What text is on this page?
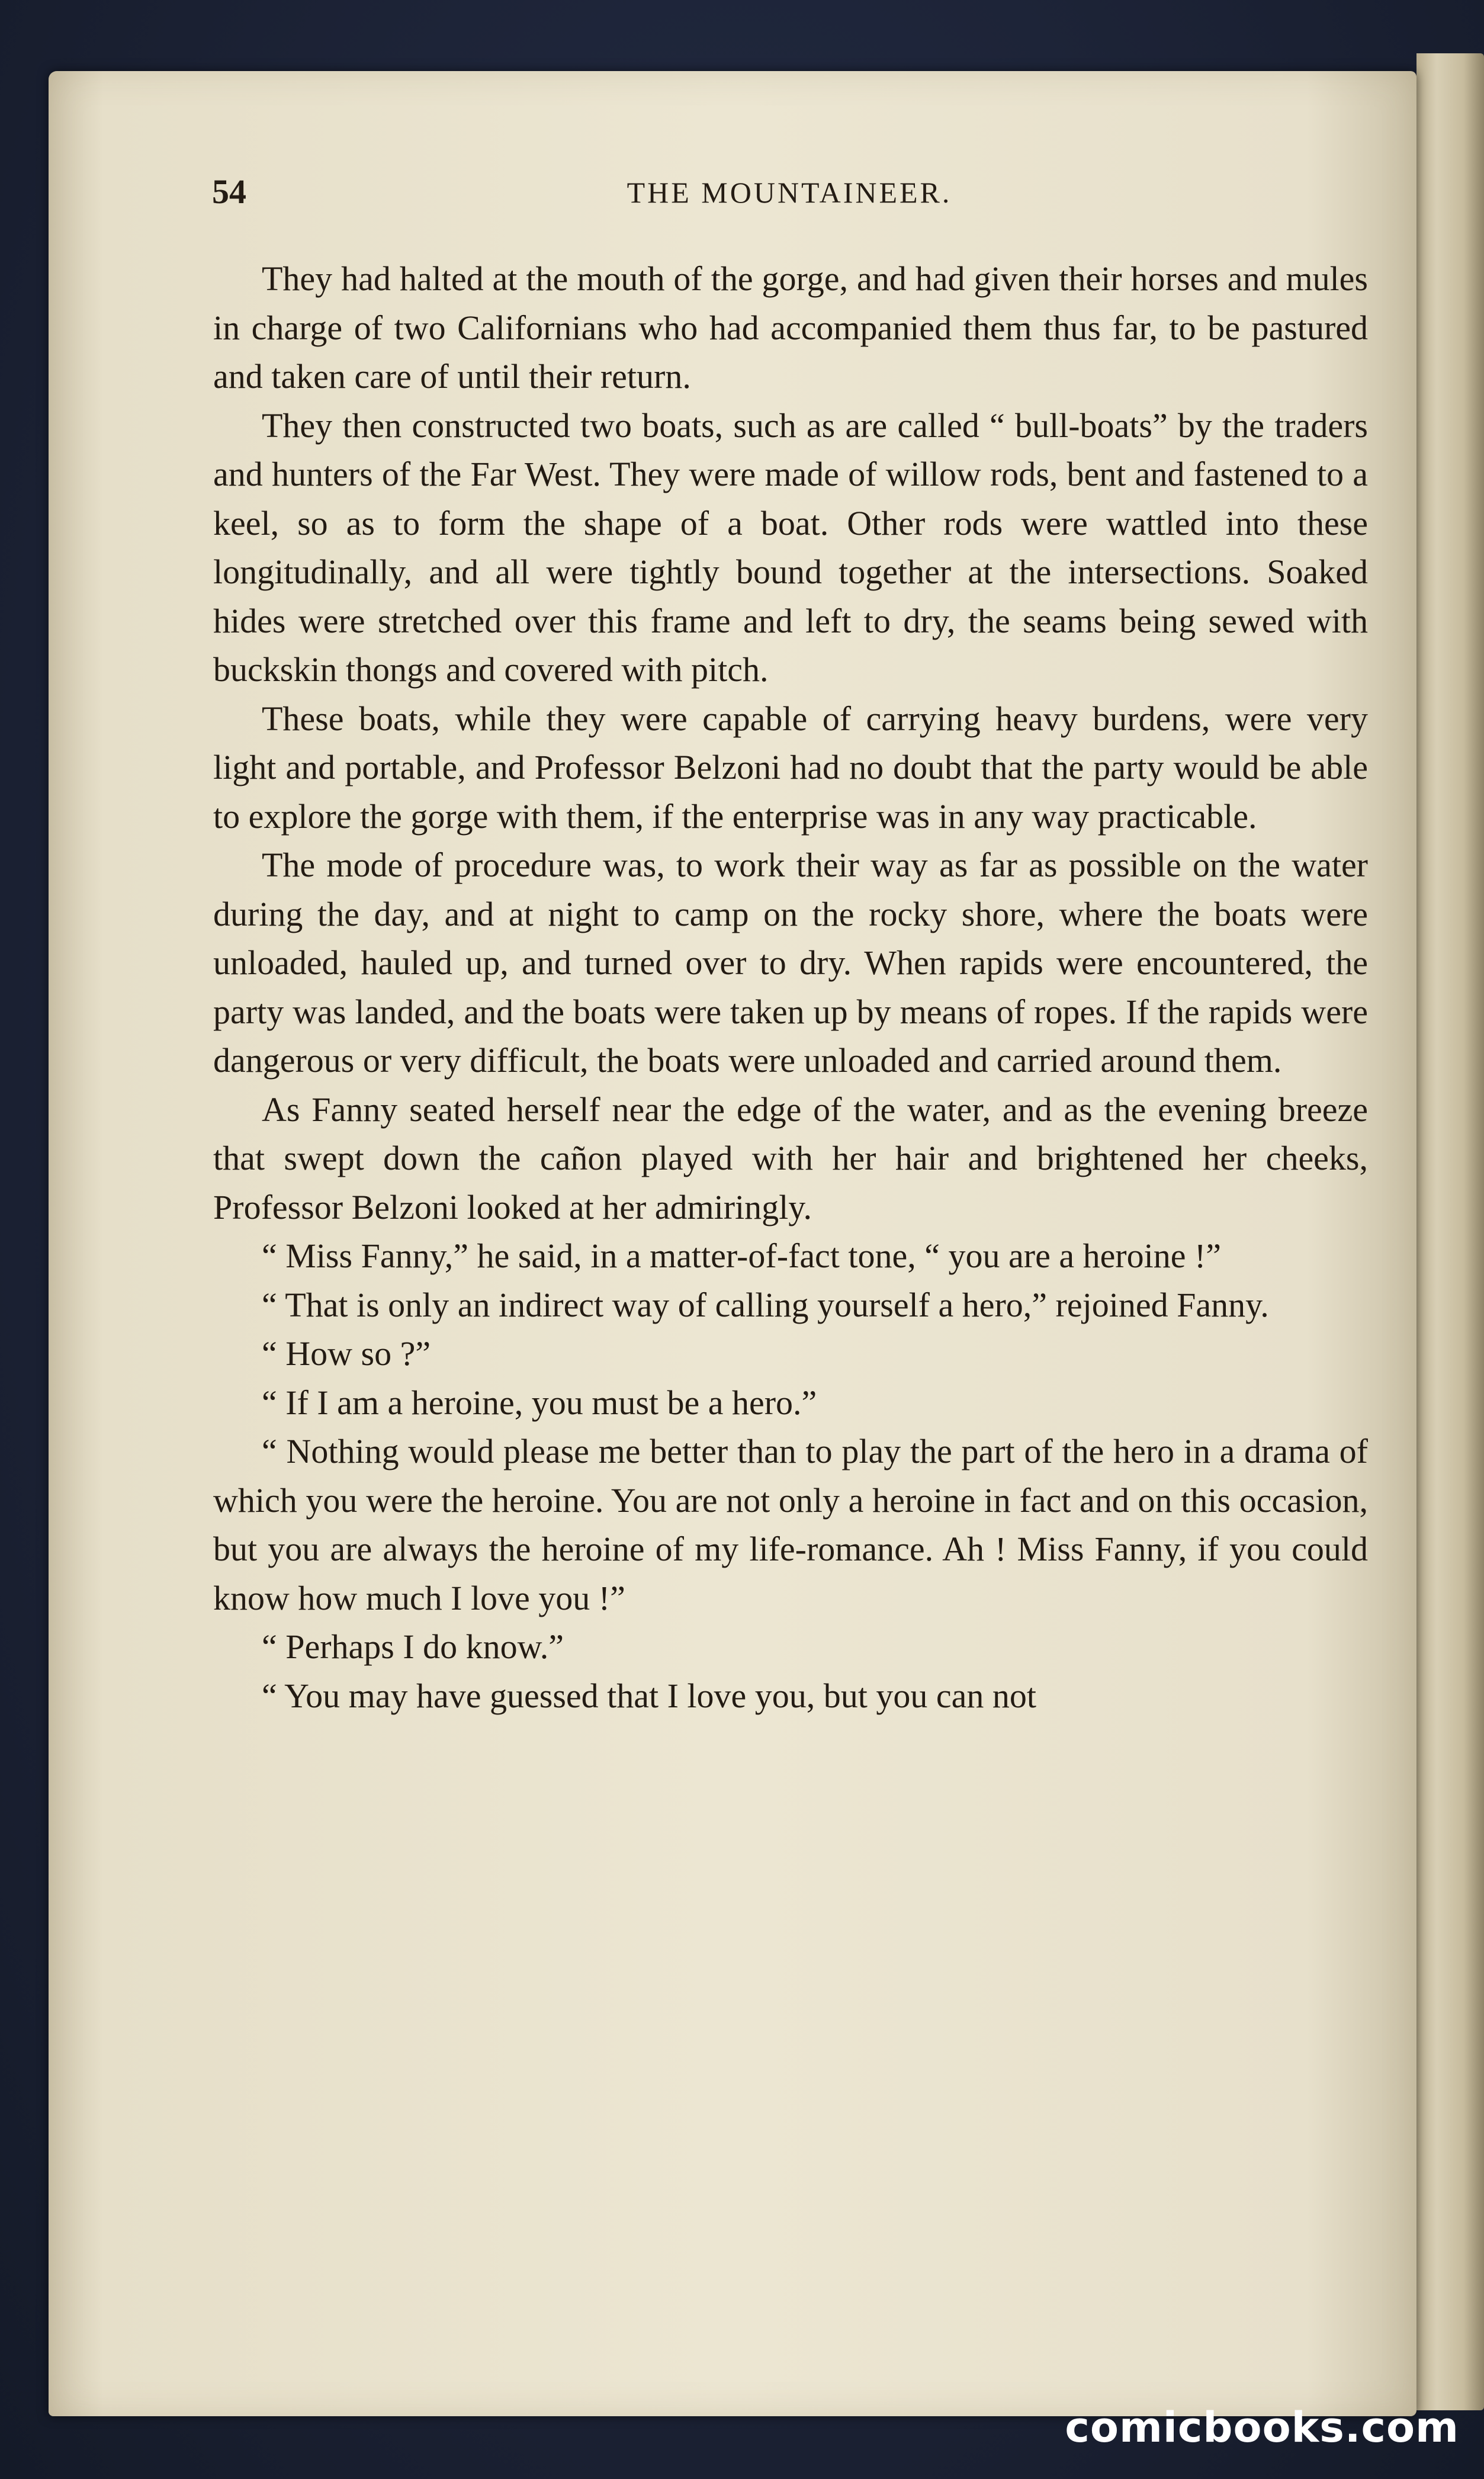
54	THE MOUNTAINEER.

They had halted at the mouth of the gorge, and had given their horses and mules in charge of two Californians who had accompanied them thus far, to be pastured and taken care of until their return.

They then constructed two boats, such as are called “ bull-boats” by the traders and hunters of the Far West. They were made of willow rods, bent and fastened to a keel, so as to form the shape of a boat. Other rods were wattled into these longitudinally, and all were tightly bound together at the intersections. Soaked hides were stretched over this frame and left to dry, the seams being sewed with buckskin thongs and covered with pitch.

These boats, while they were capable of carrying heavy burdens, were very light and portable, and Professor Belzoni had no doubt that the party would be able to explore the gorge with them, if the enterprise was in any way practicable.

The mode of procedure was, to work their way as far as possible on the water during the day, and at night to camp on the rocky shore, where the boats were unloaded, hauled up, and turned over to dry. When rapids were encountered, the party was landed, and the boats were taken up by means of ropes. If the rapids were dangerous or very difficult, the boats were unloaded and carried around them.

As Fanny seated herself near the edge of the water, and as the evening breeze that swept down the cañon played with her hair and brightened her cheeks, Professor Belzoni looked at her admiringly.

“ Miss Fanny,” he said, in a matter-of-fact tone, “ you are a heroine !”

“ That is only an indirect way of calling yourself a hero,” rejoined Fanny.

“ How so ?”

“ If I am a heroine, you must be a hero.”

“ Nothing would please me better than to play the part of the hero in a drama of which you were the heroine. You are not only a heroine in fact and on this occasion, but you are always the heroine of my life-romance. Ah ! Miss Fanny, if you could know how much I love you !”

“ Perhaps I do know.”

“ You may have guessed that I love you, but you can not

comicbooks.com
